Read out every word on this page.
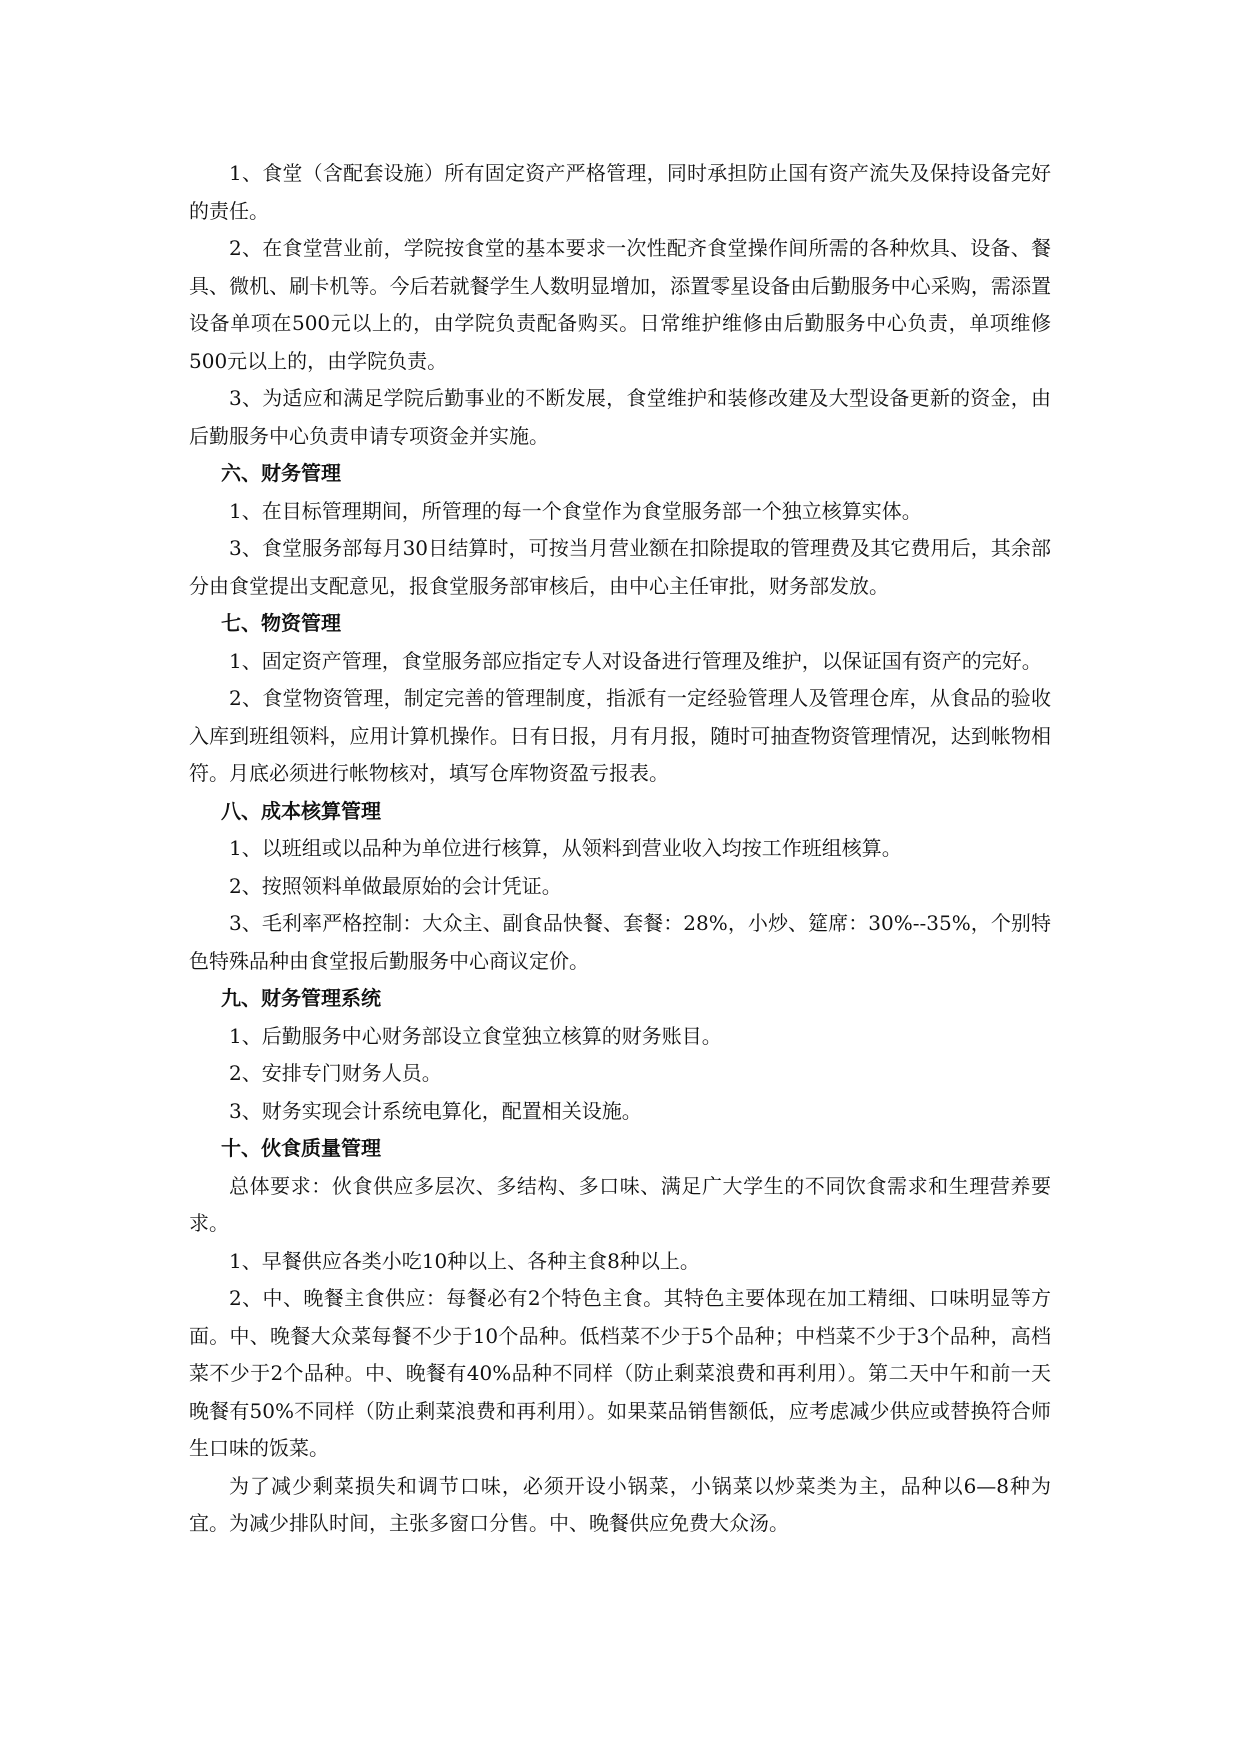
1、食堂（含配套设施）所有固定资产严格管理，同时承担防止国有资产流失及保持设备完好的责任。

2、在食堂营业前，学院按食堂的基本要求一次性配齐食堂操作间所需的各种炊具、设备、餐具、微机、刷卡机等。今后若就餐学生人数明显增加，添置零星设备由后勤服务中心采购，需添置设备单项在500元以上的，由学院负责配备购买。日常维护维修由后勤服务中心负责，单项维修500元以上的，由学院负责。

3、为适应和满足学院后勤事业的不断发展，食堂维护和装修改建及大型设备更新的资金，由后勤服务中心负责申请专项资金并实施。

六、财务管理

1、在目标管理期间，所管理的每一个食堂作为食堂服务部一个独立核算实体。

3、食堂服务部每月30日结算时，可按当月营业额在扣除提取的管理费及其它费用后，其余部分由食堂提出支配意见，报食堂服务部审核后，由中心主任审批，财务部发放。

七、物资管理

1、固定资产管理，食堂服务部应指定专人对设备进行管理及维护，以保证国有资产的完好。

2、食堂物资管理，制定完善的管理制度，指派有一定经验管理人及管理仓库，从食品的验收入库到班组领料，应用计算机操作。日有日报，月有月报，随时可抽查物资管理情况，达到帐物相符。月底必须进行帐物核对，填写仓库物资盈亏报表。

八、成本核算管理

1、以班组或以品种为单位进行核算，从领料到营业收入均按工作班组核算。

2、按照领料单做最原始的会计凭证。

3、毛利率严格控制：大众主、副食品快餐、套餐：28%，小炒、筵席：30%--35%，个别特色特殊品种由食堂报后勤服务中心商议定价。

九、财务管理系统

1、后勤服务中心财务部设立食堂独立核算的财务账目。

2、安排专门财务人员。

3、财务实现会计系统电算化，配置相关设施。

十、伙食质量管理

总体要求：伙食供应多层次、多结构、多口味、满足广大学生的不同饮食需求和生理营养要求。

1、早餐供应各类小吃10种以上、各种主食8种以上。

2、中、晚餐主食供应：每餐必有2个特色主食。其特色主要体现在加工精细、口味明显等方面。中、晚餐大众菜每餐不少于10个品种。低档菜不少于5个品种；中档菜不少于3个品种，高档菜不少于2个品种。中、晚餐有40%品种不同样（防止剩菜浪费和再利用）。第二天中午和前一天晚餐有50%不同样（防止剩菜浪费和再利用）。如果菜品销售额低，应考虑减少供应或替换符合师生口味的饭菜。

为了减少剩菜损失和调节口味，必须开设小锅菜，小锅菜以炒菜类为主，品种以6—8种为宜。为减少排队时间，主张多窗口分售。中、晚餐供应免费大众汤。
